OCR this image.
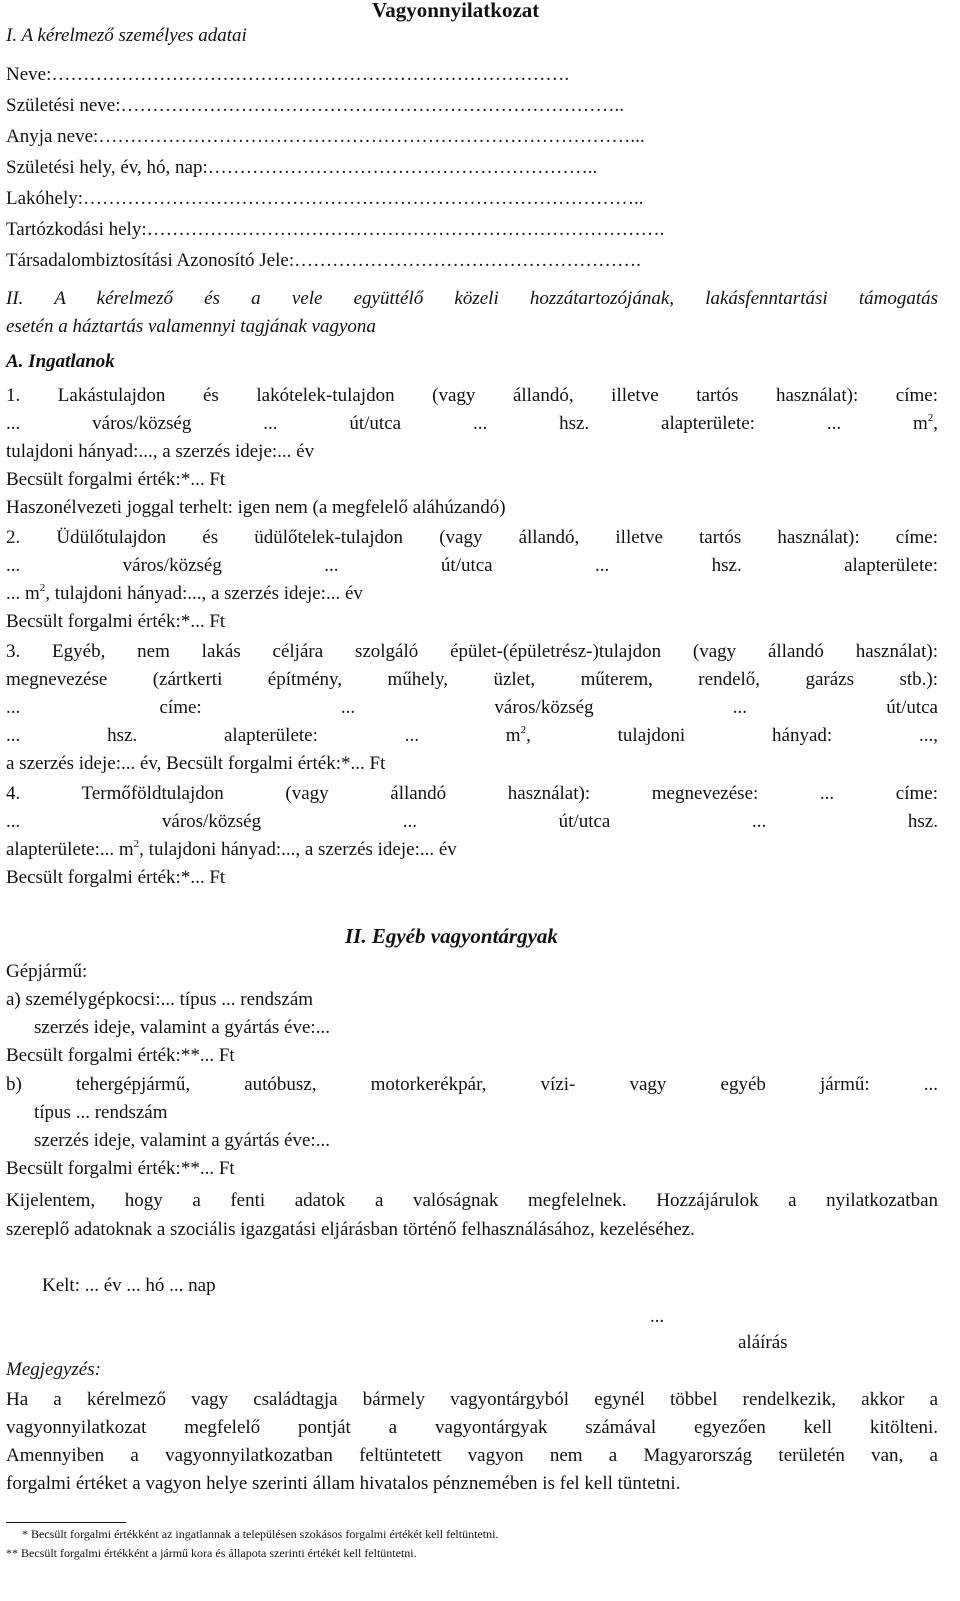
Vagyonnyilatkozat
I. A kérelmező személyes adatai
Neve:……………………………………………………………………….
Születési neve:……………………………………………………………………..
Anyja neve:…………………………………………………………………………...
Születési hely, év, hó, nap:……………………………………………………..
Lakóhely:……………………………………………………………………………..
Tartózkodási hely:……………………………………………………………………….
Társadalombiztosítási Azonosító Jele:……………………………………………….
II. A kérelmező és a vele együttélő közeli hozzátartozójának, lakásfenntartási támogatás
esetén a háztartás valamennyi tagjának vagyona
A. Ingatlanok
1. Lakástulajdon és lakótelek-tulajdon (vagy állandó, illetve tartós használat): címe:
... város/község ... út/utca ... hsz. alapterülete: ... $m^2$,
tulajdoni hányad:..., a szerzés ideje:... év
Becsült forgalmi érték:*... Ft
Haszonélvezeti joggal terhelt: igen nem (a megfelelő aláhúzandó)
2. Üdülőtulajdon és üdülőtelek-tulajdon (vagy állandó, illetve tartós használat): címe:
... város/község ... út/utca ... hsz. alapterülete:
... $m^2$, tulajdoni hányad:..., a szerzés ideje:... év
Becsült forgalmi érték:*... Ft
3. Egyéb, nem lakás céljára szolgáló épület-(épületrész-)tulajdon (vagy állandó használat):
megnevezése (zártkerti építmény, műhely, üzlet, műterem, rendelő, garázs stb.):
... címe: ... város/község ... út/utca
... hsz. alapterülete: ... $m^2$, tulajdoni hányad: ...,
a szerzés ideje:... év, Becsült forgalmi érték:*... Ft
4. Termőföldtulajdon (vagy állandó használat): megnevezése: ... címe:
... város/község ... út/utca ... hsz.
alapterülete:... $m^2$, tulajdoni hányad:..., a szerzés ideje:... év
Becsült forgalmi érték:*... Ft
II. Egyéb vagyontárgyak
Gépjármű:
a) személygépkocsi:... típus ... rendszám
szerzés ideje, valamint a gyártás éve:...
Becsült forgalmi érték:**... Ft
b) tehergépjármű, autóbusz, motorkerékpár, vízi- vagy egyéb jármű: ...
típus ... rendszám
szerzés ideje, valamint a gyártás éve:...
Becsült forgalmi érték:**... Ft
Kijelentem, hogy a fenti adatok a valóságnak megfelelnek. Hozzájárulok a nyilatkozatban
szereplő adatoknak a szociális igazgatási eljárásban történő felhasználásához, kezeléséhez.
Kelt: ... év ... hó ... nap
...
aláírás
Megjegyzés:
Ha a kérelmező vagy családtagja bármely vagyontárgyból egynél többel rendelkezik, akkor a
vagyonnyilatkozat megfelelő pontját a vagyontárgyak számával egyezően kell kitölteni.
Amennyiben a vagyonnyilatkozatban feltüntetett vagyon nem a Magyarország területén van, a
forgalmi értéket a vagyon helye szerinti állam hivatalos pénznemében is fel kell tüntetni.
* Becsült forgalmi értékként az ingatlannak a településen szokásos forgalmi értékét kell feltüntetni.
** Becsült forgalmi értékként a jármű kora és állapota szerinti értékét kell feltüntetni.
